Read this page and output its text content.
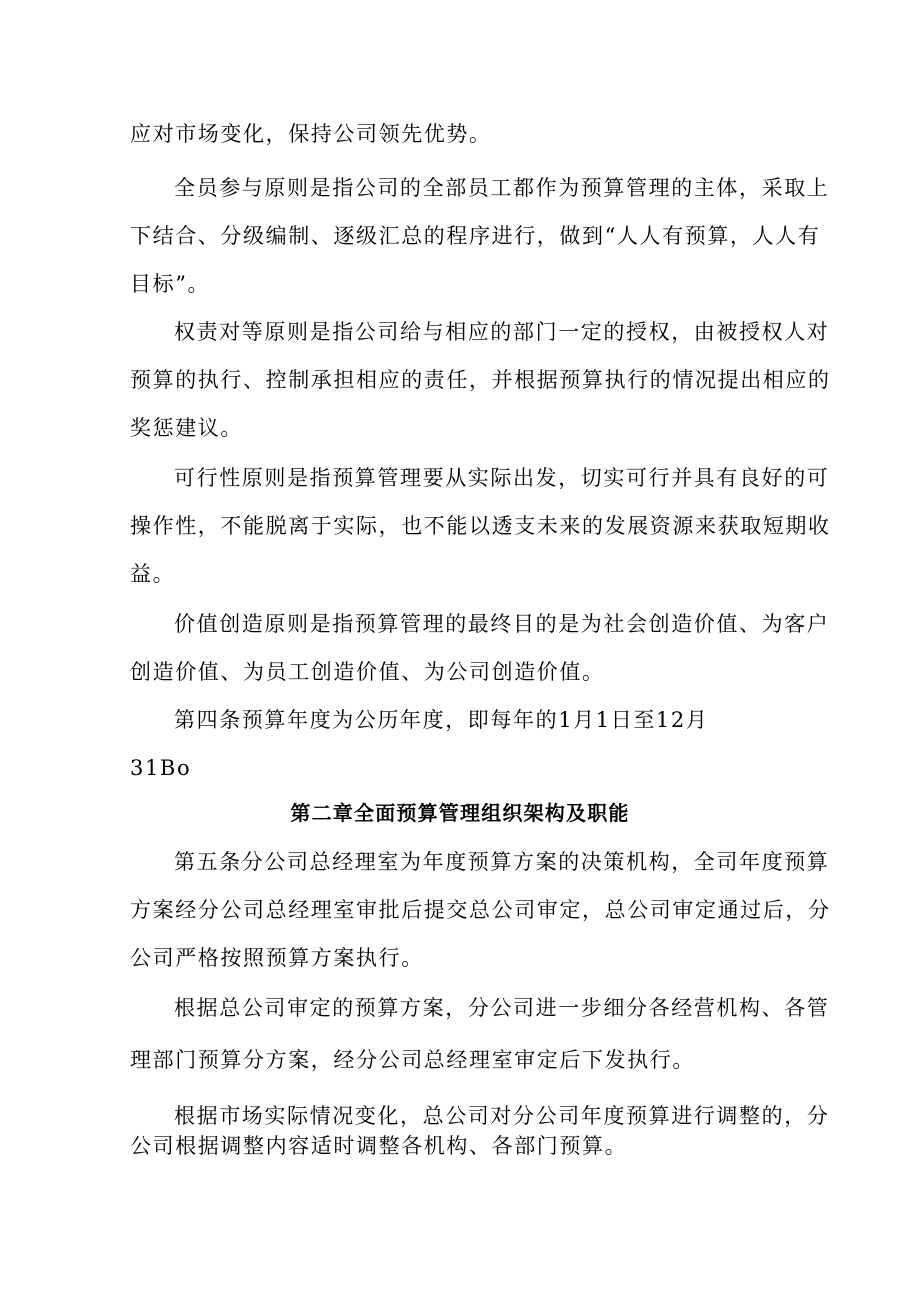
应对市场变化，保持公司领先优势。
全员参与原则是指公司的全部员工都作为预算管理的主体，采取上
下结合、分级编制、逐级汇总的程序进行，做到“人人有预算，人人有
目标”。
权责对等原则是指公司给与相应的部门一定的授权，由被授权人对
预算的执行、控制承担相应的责任，并根据预算执行的情况提出相应的
奖惩建议。
可行性原则是指预算管理要从实际出发，切实可行并具有良好的可
操作性，不能脱离于实际，也不能以透支未来的发展资源来获取短期收
益。
价值创造原则是指预算管理的最终目的是为社会创造价值、为客户
创造价值、为员工创造价值、为公司创造价值。
第四条预算年度为公历年度，即每年的1月1日至12月
31Bo
第二章全面预算管理组织架构及职能
第五条分公司总经理室为年度预算方案的决策机构，全司年度预算
方案经分公司总经理室审批后提交总公司审定，总公司审定通过后，分
公司严格按照预算方案执行。
根据总公司审定的预算方案，分公司进一步细分各经营机构、各管
理部门预算分方案，经分公司总经理室审定后下发执行。
根据市场实际情况变化，总公司对分公司年度预算进行调整的，分
公司根据调整内容适时调整各机构、各部门预算。
